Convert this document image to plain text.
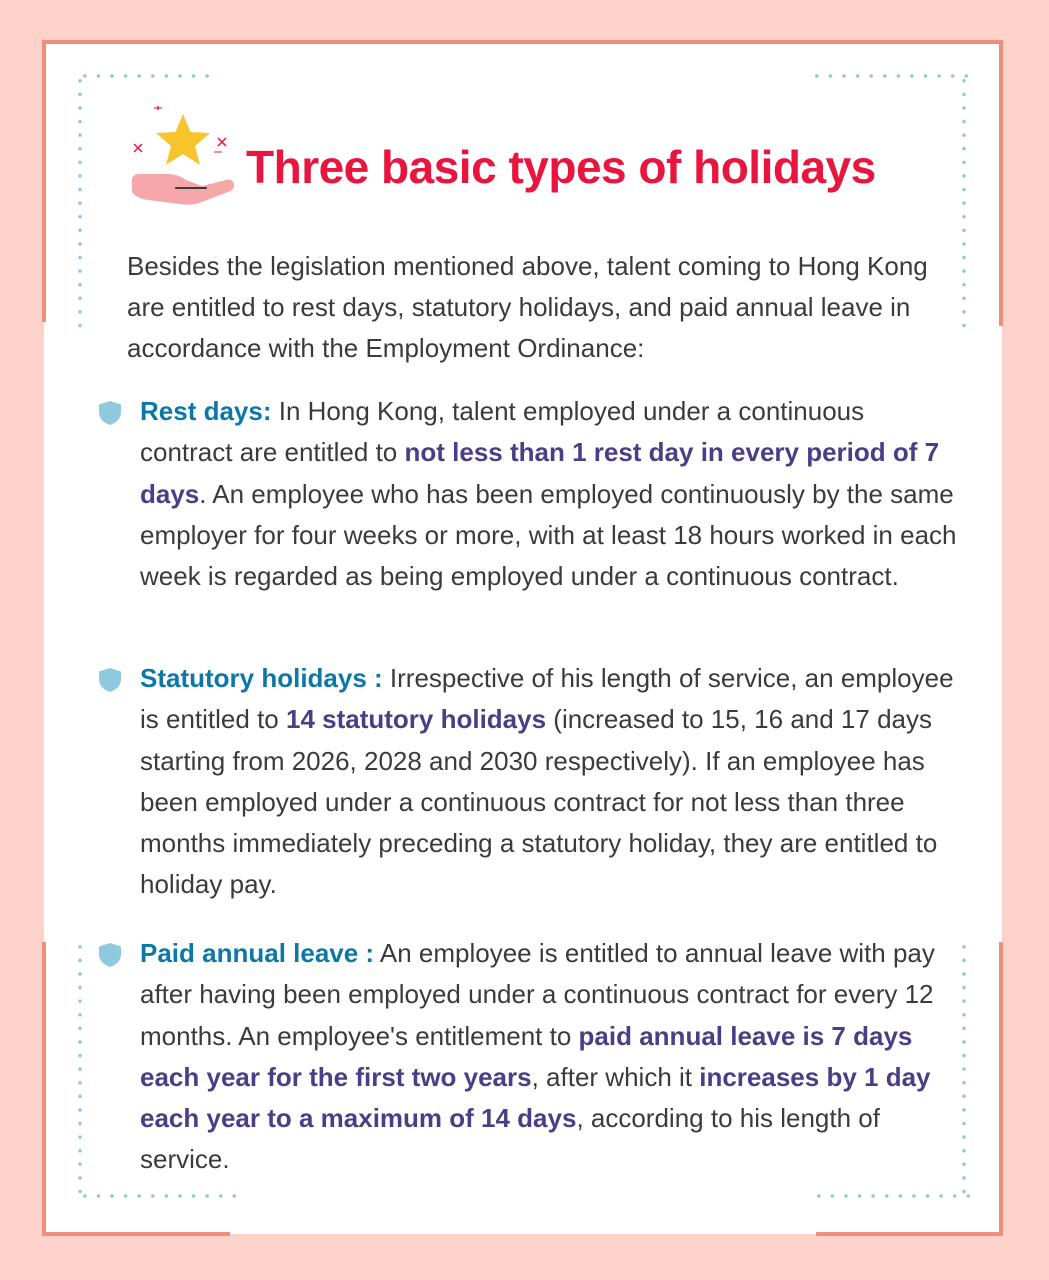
Three basic types of holidays

Besides the legislation mentioned above, talent coming to Hong Kong are entitled to rest days, statutory holidays, and paid annual leave in accordance with the Employment Ordinance:

Rest days: In Hong Kong, talent employed under a continuous contract are entitled to not less than 1 rest day in every period of 7 days. An employee who has been employed continuously by the same employer for four weeks or more, with at least 18 hours worked in each week is regarded as being employed under a continuous contract.

Statutory holidays : Irrespective of his length of service, an employee is entitled to 14 statutory holidays (increased to 15, 16 and 17 days starting from 2026, 2028 and 2030 respectively). If an employee has been employed under a continuous contract for not less than three months immediately preceding a statutory holiday, they are entitled to holiday pay.

Paid annual leave : An employee is entitled to annual leave with pay after having been employed under a continuous contract for every 12 months. An employee's entitlement to paid annual leave is 7 days each year for the first two years, after which it increases by 1 day each year to a maximum of 14 days, according to his length of service.
